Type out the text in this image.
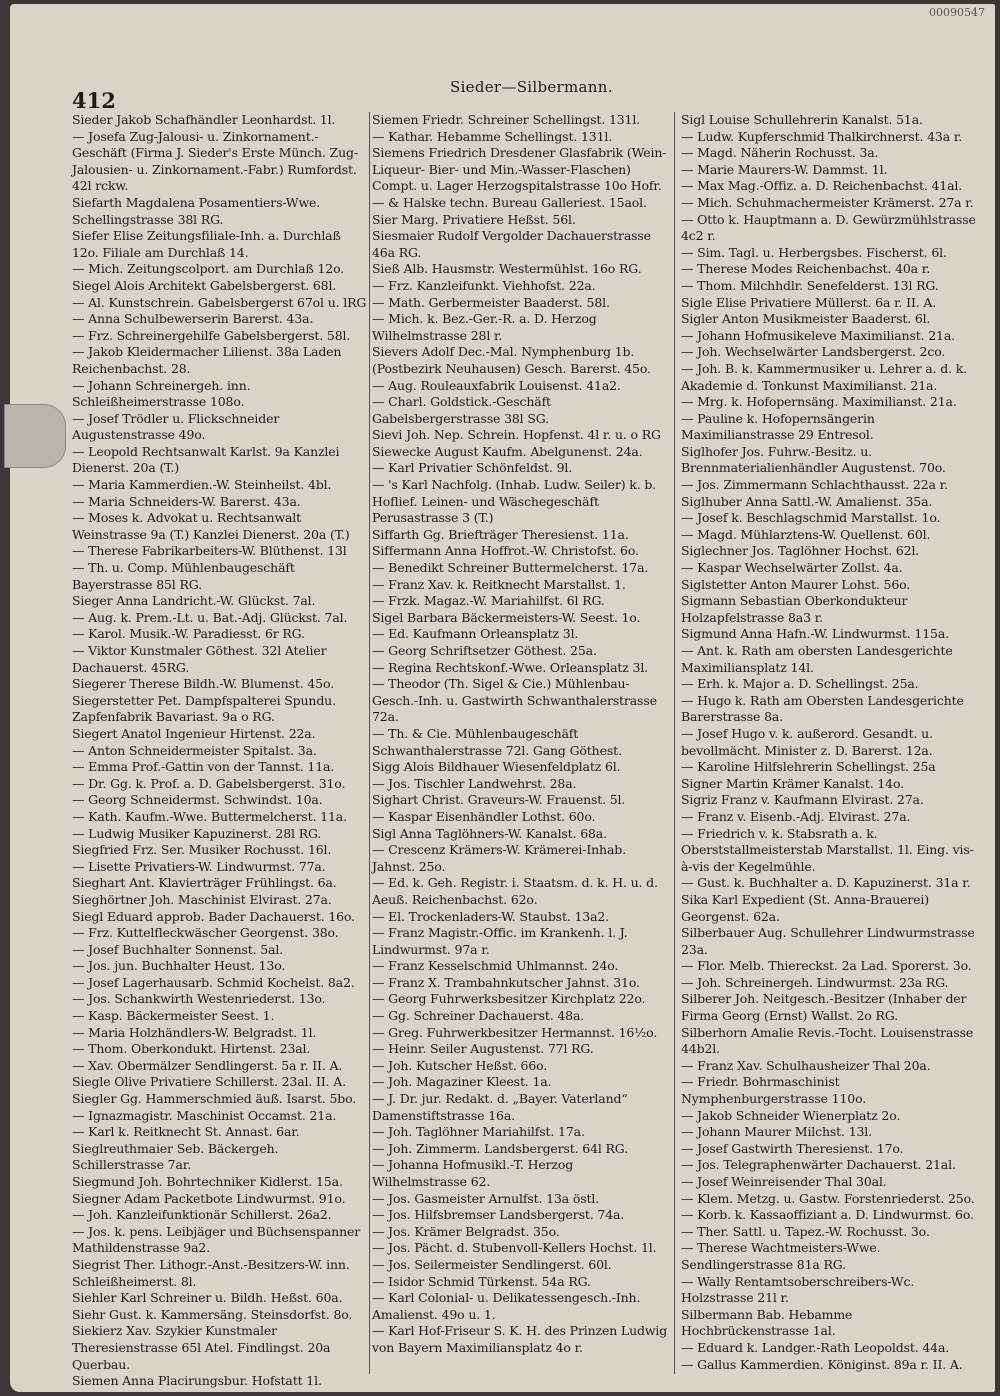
00090547
412
Sieder—Silbermann.
Sieder Jakob Schafhändler Leonhardst. 1l.
— Josefa Zug-Jalousi- u. Zinkornament.-Geschäft (Firma J. Sieder's Erste Münch. Zug-Jalousien- u. Zinkornament.-Fabr.) Rumfordst. 42l rckw.
Siefarth Magdalena Posamentiers-Wwe. Schellingstrasse 38l RG.
Siefer Elise Zeitungsfiliale-Inh. a. Durchlaß 12o. Filiale am Durchlaß 14.
— Mich. Zeitungscolport. am Durchlaß 12o.
Siegel Alois Architekt Gabelsbergerst. 68l.
— Al. Kunstschrein. Gabelsbergerst 67ol u. lRG
— Anna Schulbewerserin Barerst. 43a.
— Frz. Schreinergehilfe Gabelsbergerst. 58l.
— Jakob Kleidermacher Lilienst. 38a Laden Reichenbachst. 28.
— Johann Schreinergeh. inn. Schleißheimerstrasse 108o.
— Josef Trödler u. Flickschneider Augustenstrasse 49o.
— Leopold Rechtsanwalt Karlst. 9a Kanzlei Dienerst. 20a (T.)
— Maria Kammerdien.-W. Steinheilst. 4bl.
— Maria Schneiders-W. Barerst. 43a.
— Moses k. Advokat u. Rechtsanwalt Weinstrasse 9a (T.) Kanzlei Dienerst. 20a (T.)
— Therese Fabrikarbeiters-W. Blüthenst. 13l
— Th. u. Comp. Mühlenbaugeschäft Bayerstrasse 85l RG.
Sieger Anna Landricht.-W. Glückst. 7al.
— Aug. k. Prem.-Lt. u. Bat.-Adj. Glückst. 7al.
— Karol. Musik.-W. Paradiesst. 6r RG.
— Viktor Kunstmaler Göthest. 32l Atelier Dachauerst. 45RG.
Siegerer Therese Bildh.-W. Blumenst. 45o.
Siegerstetter Pet. Dampfspalterei Spundu. Zapfenfabrik Bavariast. 9a o RG.
Siegert Anatol Ingenieur Hirtenst. 22a.
— Anton Schneidermeister Spitalst. 3a.
— Emma Prof.-Gattin von der Tannst. 11a.
— Dr. Gg. k. Prof. a. D. Gabelsbergerst. 31o.
— Georg Schneidermst. Schwindst. 10a.
— Kath. Kaufm.-Wwe. Buttermelcherst. 11a.
— Ludwig Musiker Kapuzinerst. 28l RG.
Siegfried Frz. Ser. Musiker Rochusst. 16l.
— Lisette Privatiers-W. Lindwurmst. 77a.
Sieghart Ant. Klavierträger Frühlingst. 6a.
Sieghörtner Joh. Maschinist Elvirast. 27a.
Siegl Eduard approb. Bader Dachauerst. 16o.
— Frz. Kuttelfleckwäscher Georgenst. 38o.
— Josef Buchhalter Sonnenst. 5al.
— Jos. jun. Buchhalter Heust. 13o.
— Josef Lagerhausarb. Schmid Kochelst. 8a2.
— Jos. Schankwirth Westenriederst. 13o.
— Kasp. Bäckermeister Seest. 1.
— Maria Holzhändlers-W. Belgradst. 1l.
— Thom. Oberkondukt. Hirtenst. 23al.
— Xav. Obermälzer Sendlingerst. 5a r. II. A.
Siegle Olive Privatiere Schillerst. 23al. II. A.
Siegler Gg. Hammerschmied äuß. Isarst. 5bo.
— Ignazmagistr. Maschinist Occamst. 21a.
— Karl k. Reitknecht St. Annast. 6ar.
Sieglreuthmaier Seb. Bäckergeh. Schillerstrasse 7ar.
Siegmund Joh. Bohrtechniker Kidlerst. 15a.
Siegner Adam Packetbote Lindwurmst. 91o.
— Joh. Kanzleifunktionär Schillerst. 26a2.
— Jos. k. pens. Leibjäger und Büchsenspanner Mathildenstrasse 9a2.
Siegrist Ther. Lithogr.-Anst.-Besitzers-W. inn. Schleißheimerst. 8l.
Siehler Karl Schreiner u. Bildh. Heßst. 60a.
Siehr Gust. k. Kammersäng. Steinsdorfst. 8o.
Siekierz Xav. Szykier Kunstmaler Theresienstrasse 65l Atel. Findlingst. 20a Querbau.
Siemen Anna Placirungsbur. Hofstatt 1l.
Siemen Friedr. Schreiner Schellingst. 131l.
— Kathar. Hebamme Schellingst. 131l.
Siemens Friedrich Dresdener Glasfabrik (Wein- Liqueur- Bier- und Min.-Wasser-Flaschen) Compt. u. Lager Herzogspitalstrasse 10o Hofr.
— & Halske techn. Bureau Galleriest. 15aol.
Sier Marg. Privatiere Heßst. 56l.
Siesmaier Rudolf Vergolder Dachauerstrasse 46a RG.
Sieß Alb. Hausmstr. Westermühlst. 16o RG.
— Frz. Kanzleifunkt. Viehhofst. 22a.
— Math. Gerbermeister Baaderst. 58l.
— Mich. k. Bez.-Ger.-R. a. D. Herzog Wilhelmstrasse 28l r.
Sievers Adolf Dec.-Mal. Nymphenburg 1b. (Postbezirk Neuhausen) Gesch. Barerst. 45o.
— Aug. Rouleauxfabrik Louisenst. 41a2.
— Charl. Goldstick.-Geschäft Gabelsbergerstrasse 38l SG.
Sievi Joh. Nep. Schrein. Hopfenst. 4l r. u. o RG
Siewecke August Kaufm. Abelgunenst. 24a.
— Karl Privatier Schönfeldst. 9l.
— 's Karl Nachfolg. (Inhab. Ludw. Seiler) k. b. Hoflief. Leinen- und Wäschegeschäft Perusastrasse 3 (T.)
Siffarth Gg. Briefträger Theresienst. 11a.
Siffermann Anna Hoffrot.-W. Christofst. 6o.
— Benedikt Schreiner Buttermelcherst. 17a.
— Franz Xav. k. Reitknecht Marstallst. 1.
— Frzk. Magaz.-W. Mariahilfst. 6l RG.
Sigel Barbara Bäckermeisters-W. Seest. 1o.
— Ed. Kaufmann Orleansplatz 3l.
— Georg Schriftsetzer Göthest. 25a.
— Regina Rechtskonf.-Wwe. Orleansplatz 3l.
— Theodor (Th. Sigel & Cie.) Mühlenbau-Gesch.-Inh. u. Gastwirth Schwanthalerstrasse 72a.
— Th. & Cie. Mühlenbaugeschäft Schwanthalerstrasse 72l. Gang Göthest.
Sigg Alois Bildhauer Wiesenfeldplatz 6l.
— Jos. Tischler Landwehrst. 28a.
Sighart Christ. Graveurs-W. Frauenst. 5l.
— Kaspar Eisenhändler Lothst. 60o.
Sigl Anna Taglöhners-W. Kanalst. 68a.
— Crescenz Krämers-W. Krämerei-Inhab. Jahnst. 25o.
— Ed. k. Geh. Registr. i. Staatsm. d. k. H. u. d. Aeuß. Reichenbachst. 62o.
— El. Trockenladers-W. Staubst. 13a2.
— Franz Magistr.-Offic. im Krankenh. l. J. Lindwurmst. 97a r.
— Franz Kesselschmid Uhlmannst. 24o.
— Franz X. Trambahnkutscher Jahnst. 31o.
— Georg Fuhrwerksbesitzer Kirchplatz 22o.
— Gg. Schreiner Dachauerst. 48a.
— Greg. Fuhrwerkbesitzer Hermannst. 16½o.
— Heinr. Seiler Augustenst. 77l RG.
— Joh. Kutscher Heßst. 66o.
— Joh. Magaziner Kleest. 1a.
— J. Dr. jur. Redakt. d. „Bayer. Vaterland“ Damenstiftstrasse 16a.
— Joh. Taglöhner Mariahilfst. 17a.
— Joh. Zimmerm. Landsbergerst. 64l RG.
— Johanna Hofmusikl.-T. Herzog Wilhelmstrasse 62.
— Jos. Gasmeister Arnulfst. 13a östl.
— Jos. Hilfsbremser Landsbergerst. 74a.
— Jos. Krämer Belgradst. 35o.
— Jos. Pächt. d. Stubenvoll-Kellers Hochst. 1l.
— Jos. Seilermeister Sendlingerst. 60l.
— Isidor Schmid Türkenst. 54a RG.
— Karl Colonial- u. Delikatessengesch.-Inh. Amalienst. 49o u. 1.
— Karl Hof-Friseur S. K. H. des Prinzen Ludwig von Bayern Maximiliansplatz 4o r.
Sigl Louise Schullehrerin Kanalst. 51a.
— Ludw. Kupferschmid Thalkirchnerst. 43a r.
— Magd. Näherin Rochusst. 3a.
— Marie Maurers-W. Dammst. 1l.
— Max Mag.-Offiz. a. D. Reichenbachst. 41al.
— Mich. Schuhmachermeister Krämerst. 27a r.
— Otto k. Hauptmann a. D. Gewürzmühlstrasse 4c2 r.
— Sim. Tagl. u. Herbergsbes. Fischerst. 6l.
— Therese Modes Reichenbachst. 40a r.
— Thom. Milchhdlr. Senefelderst. 13l RG.
Sigle Elise Privatiere Müllerst. 6a r. II. A.
Sigler Anton Musikmeister Baaderst. 6l.
— Johann Hofmusikeleve Maximilianst. 21a.
— Joh. Wechselwärter Landsbergerst. 2co.
— Joh. B. k. Kammermusiker u. Lehrer a. d. k. Akademie d. Tonkunst Maximilianst. 21a.
— Mrg. k. Hofopernsäng. Maximilianst. 21a.
— Pauline k. Hofopernsängerin Maximilianstrasse 29 Entresol.
Siglhofer Jos. Fuhrw.-Besitz. u. Brennmaterialienhändler Augustenst. 70o.
— Jos. Zimmermann Schlachthausst. 22a r.
Siglhuber Anna Sattl.-W. Amalienst. 35a.
— Josef k. Beschlagschmid Marstallst. 1o.
— Magd. Mühlarztens-W. Quellenst. 60l.
Siglechner Jos. Taglöhner Hochst. 62l.
— Kaspar Wechselwärter Zollst. 4a.
Siglstetter Anton Maurer Lohst. 56o.
Sigmann Sebastian Oberkondukteur Holzapfelstrasse 8a3 r.
Sigmund Anna Hafn.-W. Lindwurmst. 115a.
— Ant. k. Rath am obersten Landesgerichte Maximiliansplatz 14l.
— Erh. k. Major a. D. Schellingst. 25a.
— Hugo k. Rath am Obersten Landesgerichte Barerstrasse 8a.
— Josef Hugo v. k. außerord. Gesandt. u. bevollmächt. Minister z. D. Barerst. 12a.
— Karoline Hilfslehrerin Schellingst. 25a
Signer Martin Krämer Kanalst. 14o.
Sigriz Franz v. Kaufmann Elvirast. 27a.
— Franz v. Eisenb.-Adj. Elvirast. 27a.
— Friedrich v. k. Stabsrath a. k. Oberststallmeisterstab Marstallst. 1l. Eing. vis-à-vis der Kegelmühle.
— Gust. k. Buchhalter a. D. Kapuzinerst. 31a r.
Sika Karl Expedient (St. Anna-Brauerei) Georgenst. 62a.
Silberbauer Aug. Schullehrer Lindwurmstrasse 23a.
— Flor. Melb. Thiereckst. 2a Lad. Sporerst. 3o.
— Joh. Schreinergeh. Lindwurmst. 23a RG.
Silberer Joh. Neitgesch.-Besitzer (Inhaber der Firma Georg (Ernst) Wallst. 2o RG.
Silberhorn Amalie Revis.-Tocht. Louisenstrasse 44b2l.
— Franz Xav. Schulhausheizer Thal 20a.
— Friedr. Bohrmaschinist Nymphenburgerstrasse 110o.
— Jakob Schneider Wienerplatz 2o.
— Johann Maurer Milchst. 13l.
— Josef Gastwirth Theresienst. 17o.
— Jos. Telegraphenwärter Dachauerst. 21al.
— Josef Weinreisender Thal 30al.
— Klem. Metzg. u. Gastw. Forstenriederst. 25o.
— Korb. k. Kassaoffiziant a. D. Lindwurmst. 6o.
— Ther. Sattl. u. Tapez.-W. Rochusst. 3o.
— Therese Wachtmeisters-Wwe. Sendlingerstrasse 81a RG.
— Wally Rentamtsoberschreibers-Wc. Holzstrasse 21l r.
Silbermann Bab. Hebamme Hochbrückenstrasse 1al.
— Eduard k. Landger.-Rath Leopoldst. 44a.
— Gallus Kammerdien. Königinst. 89a r. II. A.
